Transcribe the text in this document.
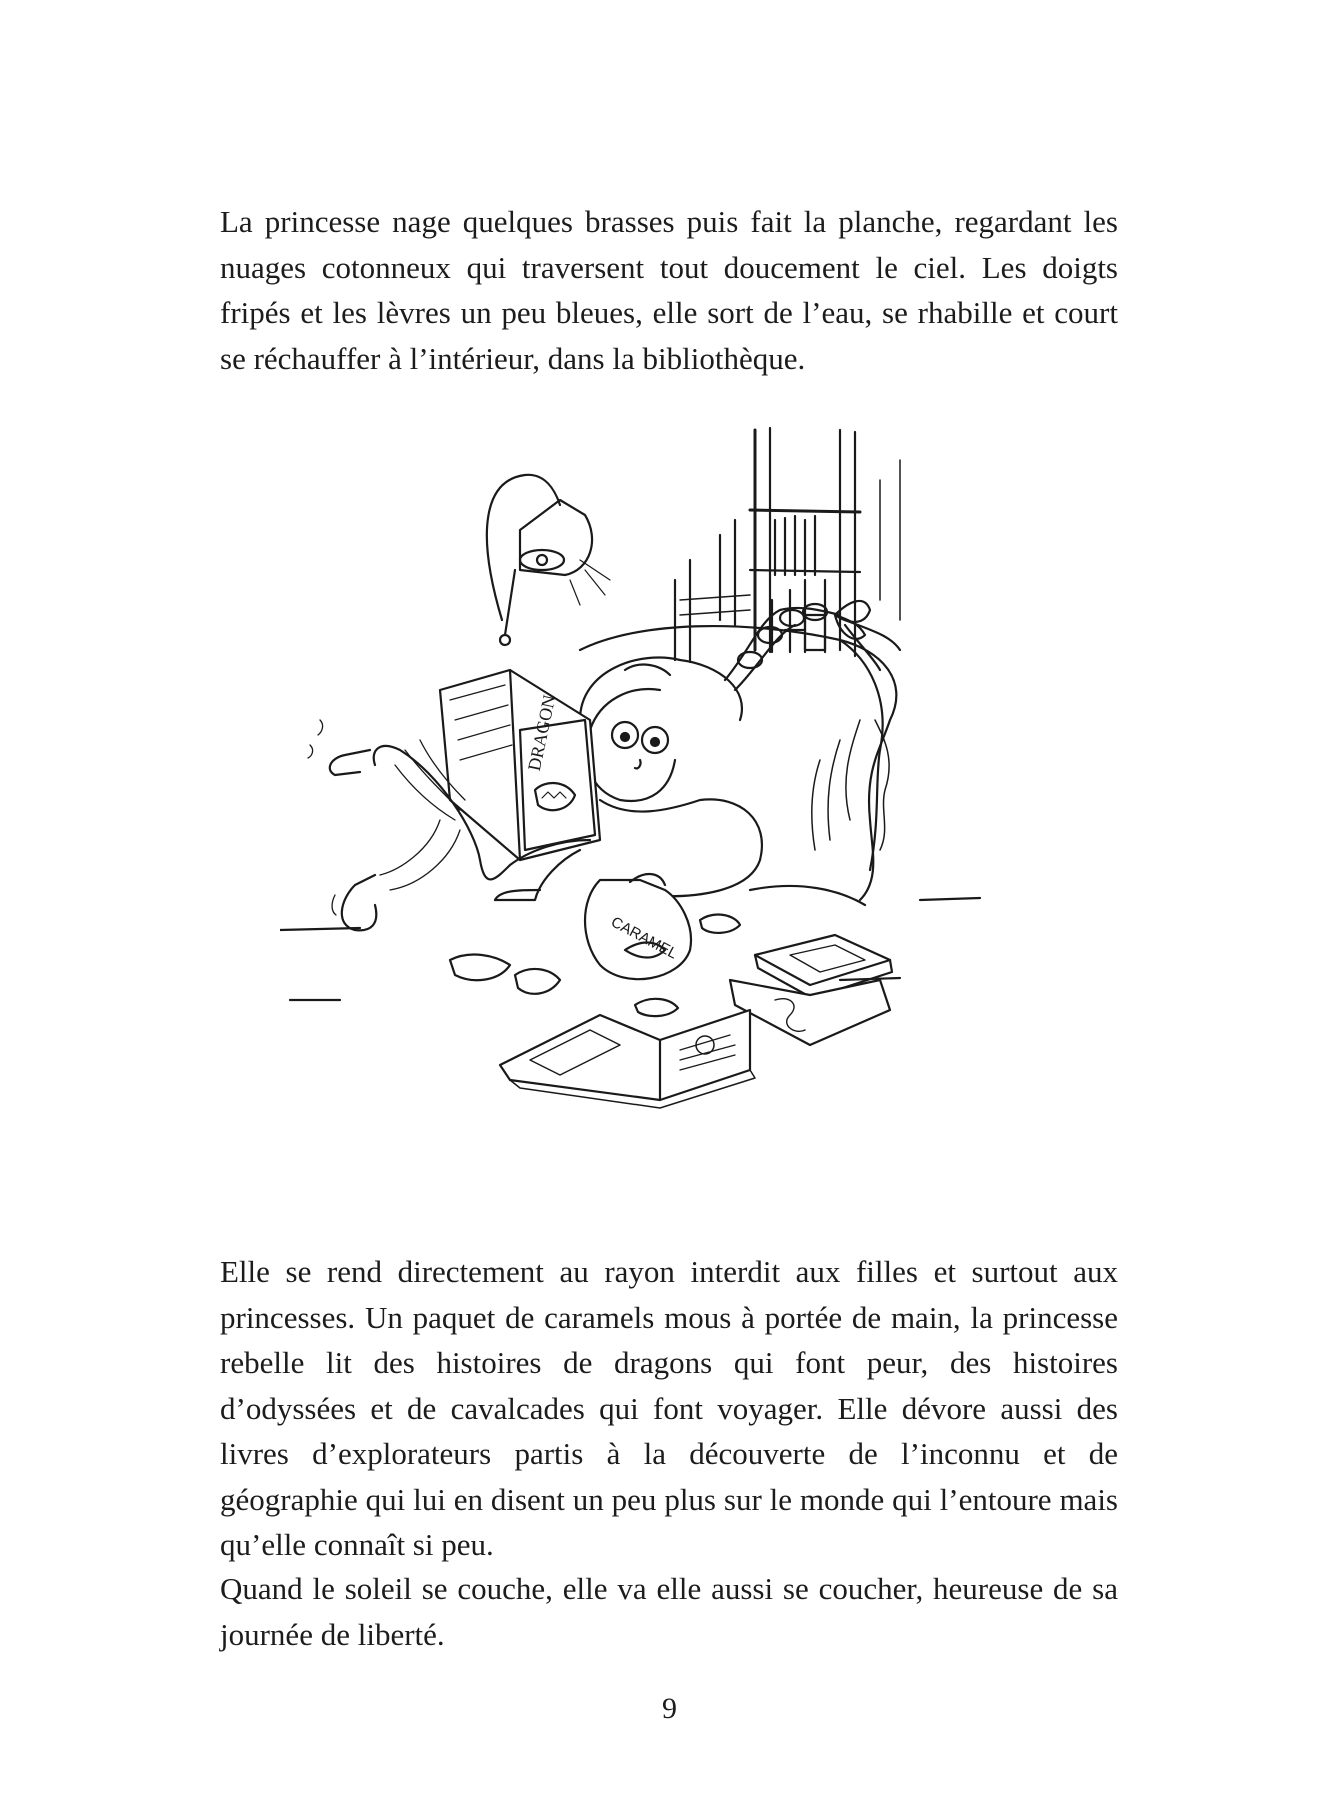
La princesse nage quelques brasses puis fait la planche, regardant les nuages cotonneux qui traversent tout doucement le ciel. Les doigts fripés et les lèvres un peu bleues, elle sort de l’eau, se rhabille et court se réchauffer à l’intérieur, dans la bibliothèque.

DRAGON
CARAMEL

Elle se rend directement au rayon interdit aux filles et surtout aux princesses. Un paquet de caramels mous à portée de main, la princesse rebelle lit des histoires de dragons qui font peur, des histoires d’odyssées et de cavalcades qui font voyager. Elle dévore aussi des livres d’explorateurs partis à la découverte de l’inconnu et de géographie qui lui en disent un peu plus sur le monde qui l’entoure mais qu’elle connaît si peu.

Quand le soleil se couche, elle va elle aussi se coucher, heureuse de sa journée de liberté.

9
